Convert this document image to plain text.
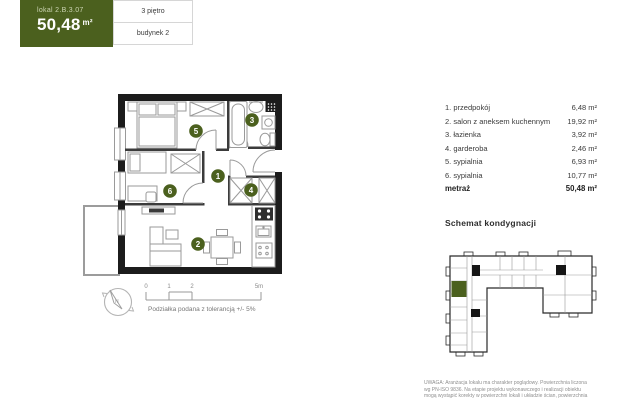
lokal 2.B.3.07
50,48 $^{m^2}$
3 piętro
budynek 2
1
2
3
4
5
6
N
0	1	2	5m
Podziałka podana z tolerancją +/- 5%
1. przedpokój	6,48 m²
2. salon z aneksem kuchennym 19,92 m²
3. łazienka	3,92 m²
4. garderoba	2,46 m²
5. sypialnia	6,93 m²
6. sypialnia	10,77 m²
metraż	50,48 m²
Schemat kondygnacji
UWAGA: Aranżacja lokalu ma charakter poglądowy. Powierzchnia liczona
wg PN-ISO 9836. Na etapie projektu wykonawczego i realizacji obiektu
mogą wystąpić korekty w powierzchni lokali i układzie ścian, powierzchnia
